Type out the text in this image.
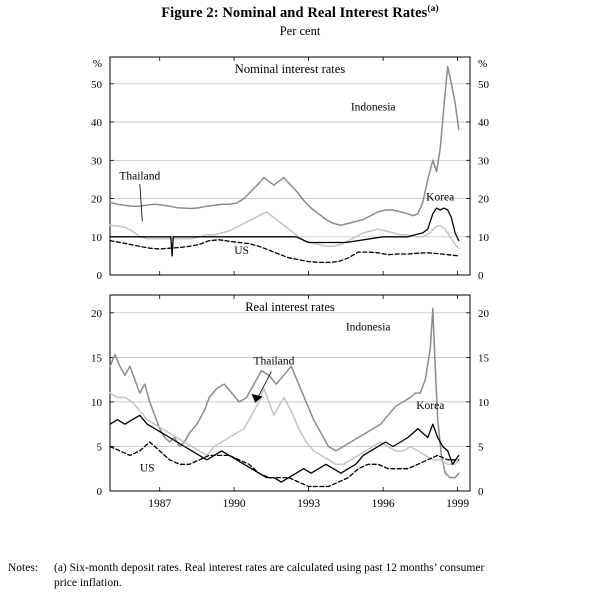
Figure 2: Nominal and Real Interest Rates$^{(a)}$
Per cent
0	0
10	10
20	20
30	30
40	40
50	50
%	%
Nominal interest rates
Indonesia
Thailand
Korea
US
0	0
5	5
10	10
15	15
20	20
1987	1990	1993	1996	1999
Real interest rates
Indonesia
Thailand
Korea
US
Notes:	(a) Six-month deposit rates. Real interest rates are calculated using past 12 months’ consumer
price inflation.
